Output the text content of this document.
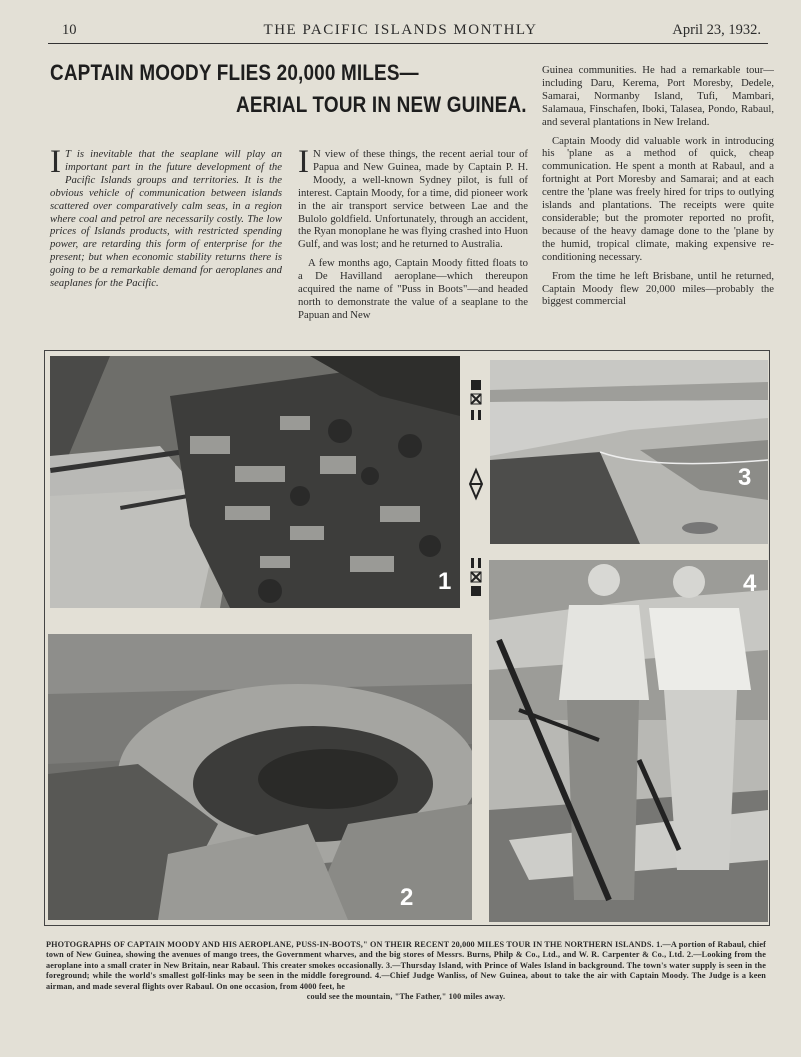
10	THE PACIFIC ISLANDS MONTHLY	April 23, 1932.
CAPTAIN MOODY FLIES 20,000 MILES—
AERIAL TOUR IN NEW GUINEA.
I T is inevitable that the seaplane will play an important part in the future development of the Pacific Islands groups and territories. It is the obvious vehicle of communication between islands scattered over comparatively calm seas, in a region where coal and petrol are necessarily costly. The low prices of Islands products, with restricted spending power, are retarding this form of enterprise for the present; but when economic stability returns there is going to be a remarkable demand for aeroplanes and seaplanes for the Pacific.

I N view of these things, the recent aerial tour of Papua and New Guinea, made by Captain P. H. Moody, a well-known Sydney pilot, is full of interest. Captain Moody, for a time, did pioneer work in the air transport service between Lae and the Bulolo goldfield. Unfortunately, through an accident, the Ryan monoplane he was flying crashed into Huon Gulf, and was lost; and he returned to Australia.

A few months ago, Captain Moody fitted floats to a De Havilland aeroplane—which thereupon acquired the name of "Puss in Boots"—and headed north to demonstrate the value of a seaplane to the Papuan and New

Guinea communities. He had a remarkable tour—including Daru, Kerema, Port Moresby, Dedele, Samarai, Normanby Island, Tufi, Mambari, Salamaua, Finschafen, Iboki, Talasea, Pondo, Rabaul, and several plantations in New Ireland.

Captain Moody did valuable work in introducing his 'plane as a method of quick, cheap communication. He spent a month at Rabaul, and a fortnight at Port Moresby and Samarai; and at each centre the 'plane was freely hired for trips to outlying islands and plantations. The receipts were quite considerable; but the promoter reported no profit, because of the heavy damage done to the 'plane by the humid, tropical climate, making expensive re-conditioning necessary.

From the time he left Brisbane, until he returned, Captain Moody flew 20,000 miles—probably the biggest commercial

1
3
2
4
PHOTOGRAPHS OF CAPTAIN MOODY AND HIS AEROPLANE, PUSS-IN-BOOTS," ON THEIR RECENT 20,000 MILES TOUR IN THE NORTHERN ISLANDS. 1.—A portion of Rabaul, chief town of New Guinea, showing the avenues of mango trees, the Government wharves, and the big stores of Messrs. Burns, Philp & Co., Ltd., and W. R. Carpenter & Co., Ltd. 2.—Looking from the aeroplane into a small crater in New Britain, near Rabaul. This creater smokes occasionally. 3.—Thursday Island, with Prince of Wales Island in background. The town's water supply is seen in the foreground; while the world's smallest golf-links may be seen in the middle foreground. 4.—Chief Judge Wanliss, of New Guinea, about to take the air with Captain Moody. The Judge is a keen airman, and made several flights over Rabaul. On one occasion, from 4000 feet, he
could see the mountain, "The Father," 100 miles away.
